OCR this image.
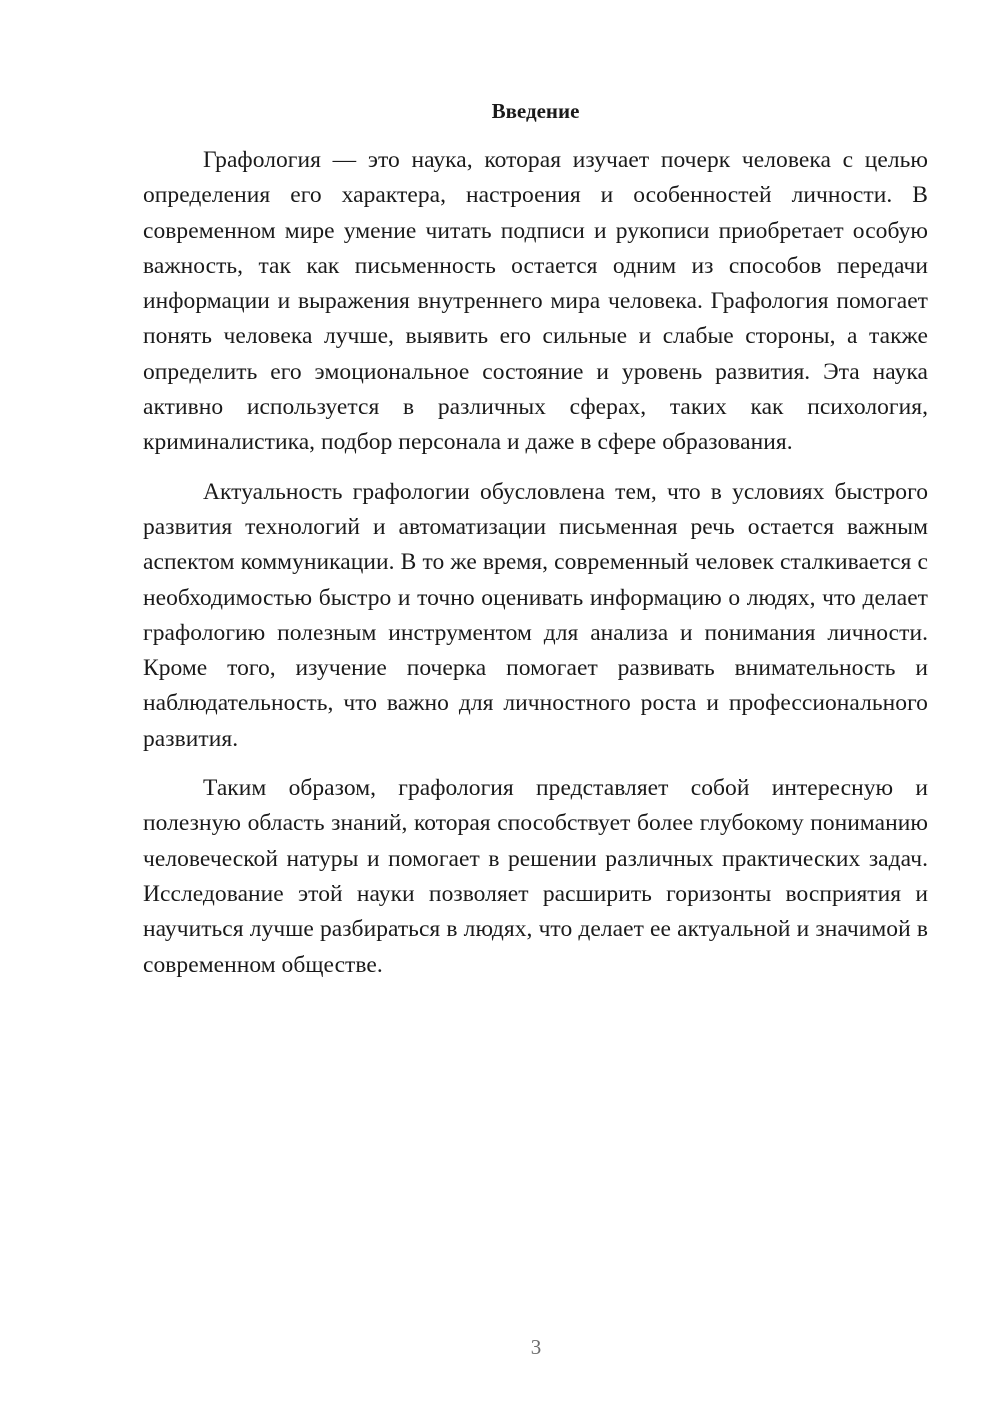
Введение

Графология — это наука, которая изучает почерк человека с целью определения его характера, настроения и особенностей личности. В современном мире умение читать подписи и рукописи приобретает особую важность, так как письменность остается одним из способов передачи информации и выражения внутреннего мира человека. Графология помогает понять человека лучше, выявить его сильные и слабые стороны, а также определить его эмоциональное состояние и уровень развития. Эта наука активно используется в различных сферах, таких как психология, криминалистика, подбор персонала и даже в сфере образования.

Актуальность графологии обусловлена тем, что в условиях быстрого развития технологий и автоматизации письменная речь остается важным аспектом коммуникации. В то же время, современный человек сталкивается с необходимостью быстро и точно оценивать информацию о людях, что делает графологию полезным инструментом для анализа и понимания личности. Кроме того, изучение почерка помогает развивать внимательность и наблюдательность, что важно для личностного роста и профессионального развития.

Таким образом, графология представляет собой интересную и полезную область знаний, которая способствует более глубокому пониманию человеческой натуры и помогает в решении различных практических задач. Исследование этой науки позволяет расширить горизонты восприятия и научиться лучше разбираться в людях, что делает ее актуальной и значимой в современном обществе.

3
